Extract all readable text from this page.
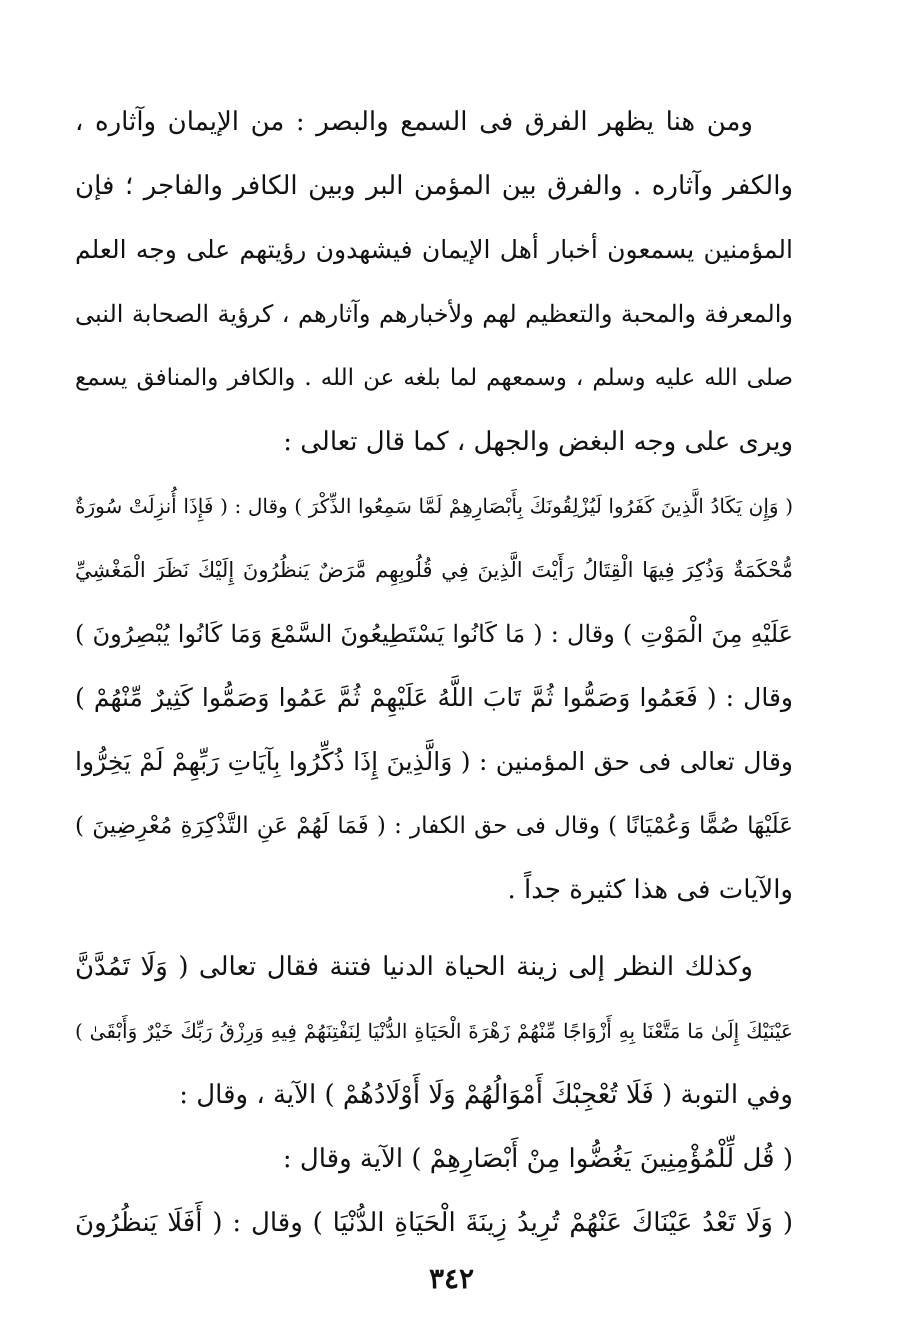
ومن هنا يظهر الفرق فى السمع والبصر : من الإيمان وآثاره ،
والكفر وآثاره . والفرق بين المؤمن البر وبين الكافر والفاجر ؛ فإن
المؤمنين يسمعون أخبار أهل الإيمان فيشهدون رؤيتهم على وجه العلم
والمعرفة والمحبة والتعظيم لهم ولأخبارهم وآثارهم ، كرؤية الصحابة النبى
صلى الله عليه وسلم ، وسمعهم لما بلغه عن الله . والكافر والمنافق يسمع
ويرى على وجه البغض والجهل ، كما قال تعالى :
( وَإِن يَكَادُ الَّذِينَ كَفَرُوا لَيُزْلِقُونَكَ بِأَبْصَارِهِمْ لَمَّا سَمِعُوا الذِّكْرَ ) وقال : ( فَإِذَا أُنزِلَتْ سُورَةٌ
مُّحْكَمَةٌ وَذُكِرَ فِيهَا الْقِتَالُ رَأَيْتَ الَّذِينَ فِي قُلُوبِهِم مَّرَضٌ يَنظُرُونَ إِلَيْكَ نَظَرَ الْمَغْشِيِّ
عَلَيْهِ مِنَ الْمَوْتِ ) وقال : ( مَا كَانُوا يَسْتَطِيعُونَ السَّمْعَ وَمَا كَانُوا يُبْصِرُونَ )
وقال : ( فَعَمُوا وَصَمُّوا ثُمَّ تَابَ اللَّهُ عَلَيْهِمْ ثُمَّ عَمُوا وَصَمُّوا كَثِيرٌ مِّنْهُمْ )
وقال تعالى فى حق المؤمنين : ( وَالَّذِينَ إِذَا ذُكِّرُوا بِآيَاتِ رَبِّهِمْ لَمْ يَخِرُّوا
عَلَيْهَا صُمًّا وَعُمْيَانًا ) وقال فى حق الكفار : ( فَمَا لَهُمْ عَنِ التَّذْكِرَةِ مُعْرِضِينَ )
والآيات فى هذا كثيرة جداً .
وكذلك النظر إلى زينة الحياة الدنيا فتنة فقال تعالى ( وَلَا تَمُدَّنَّ
عَيْنَيْكَ إِلَىٰ مَا مَتَّعْنَا بِهِ أَزْوَاجًا مِّنْهُمْ زَهْرَةَ الْحَيَاةِ الدُّنْيَا لِنَفْتِنَهُمْ فِيهِ وَرِزْقُ رَبِّكَ خَيْرٌ وَأَبْقَىٰ )
وفي التوبة ( فَلَا تُعْجِبْكَ أَمْوَالُهُمْ وَلَا أَوْلَادُهُمْ ) الآية ، وقال :
( قُل لِّلْمُؤْمِنِينَ يَغُضُّوا مِنْ أَبْصَارِهِمْ ) الآية وقال :
( وَلَا تَعْدُ عَيْنَاكَ عَنْهُمْ تُرِيدُ زِينَةَ الْحَيَاةِ الدُّنْيَا ) وقال : ( أَفَلَا يَنظُرُونَ
٣٤٢
